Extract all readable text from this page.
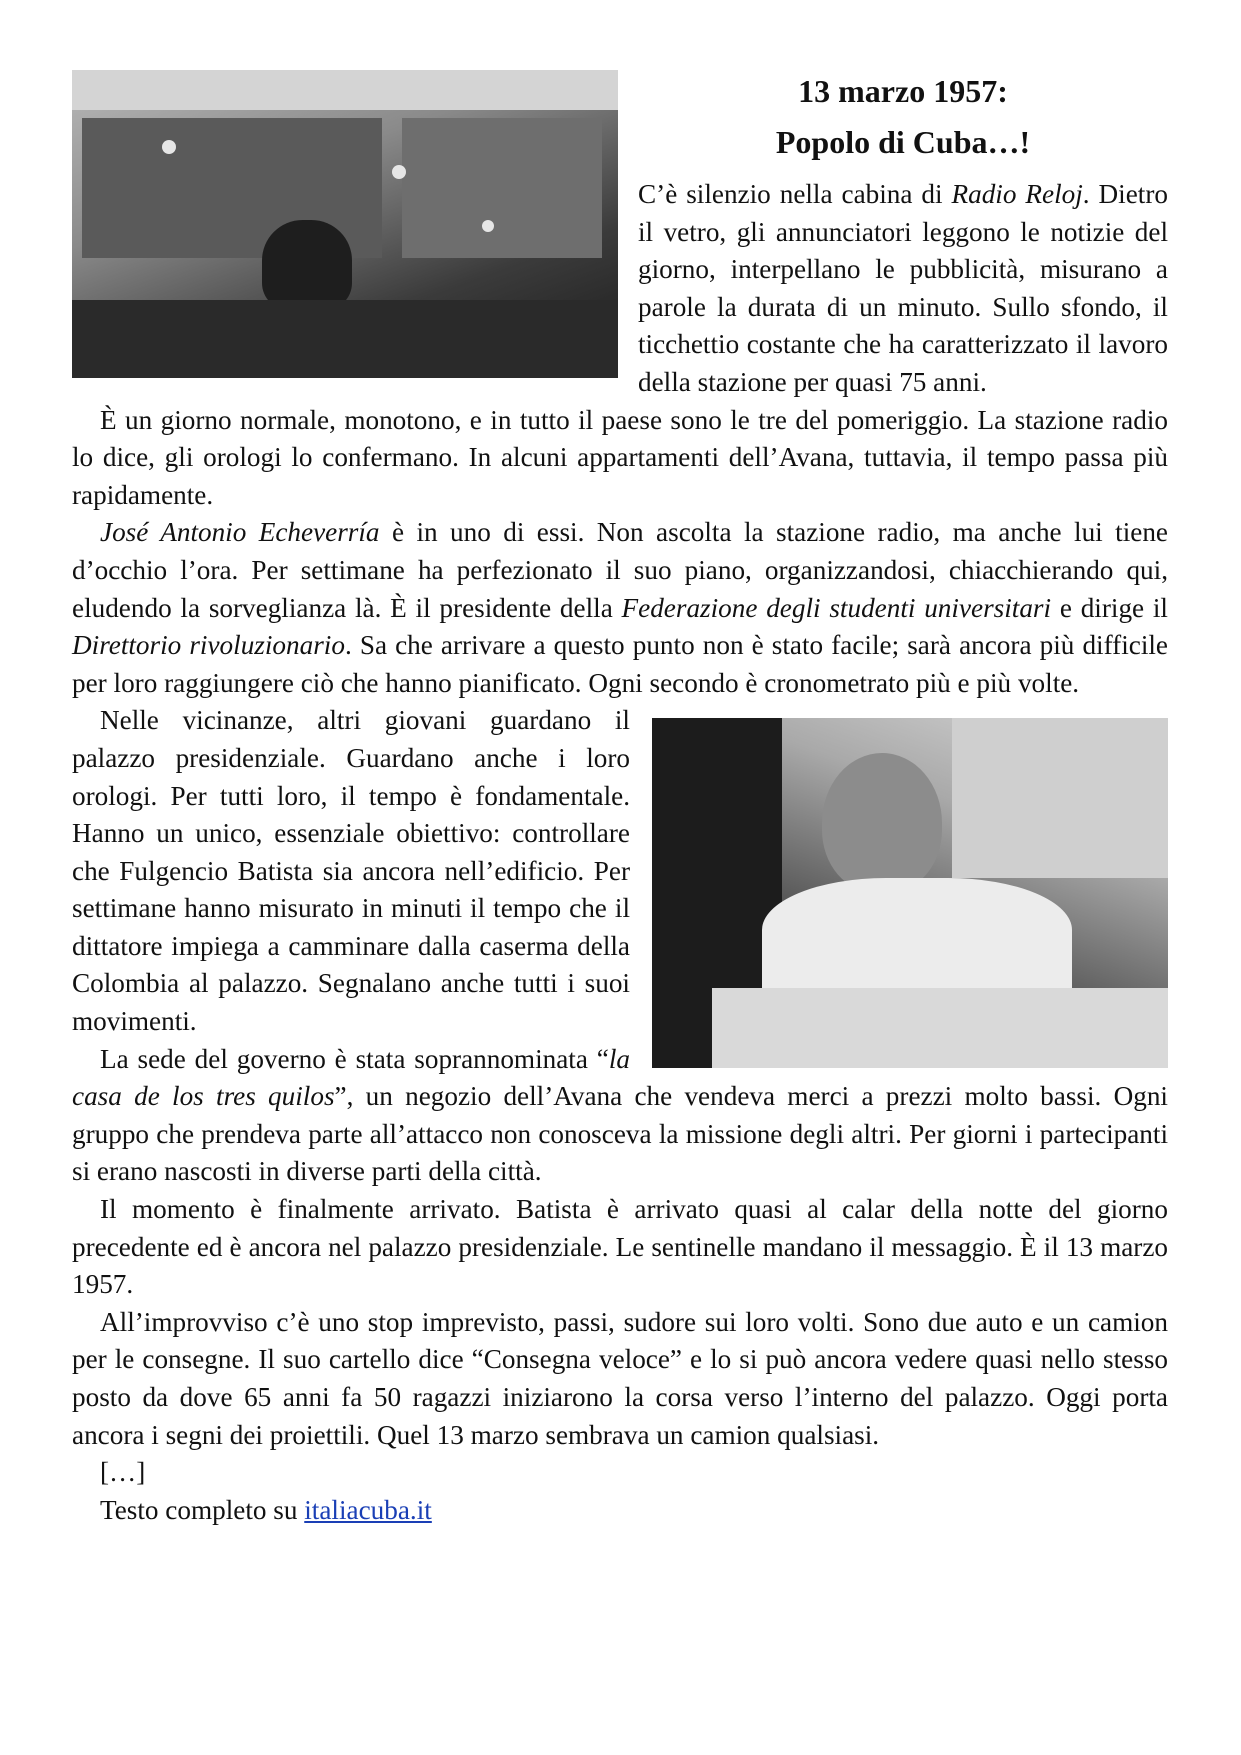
13 marzo 1957:
Popolo di Cuba…!

C’è silenzio nella cabina di Radio Reloj. Dietro il vetro, gli annunciatori leggono le notizie del giorno, interpellano le pubblicità, misurano a parole la durata di un minuto. Sullo sfondo, il ticchettio costante che ha caratterizzato il lavoro della stazione per quasi 75 anni.

È un giorno normale, monotono, e in tutto il paese sono le tre del pomeriggio. La stazione radio lo dice, gli orologi lo confermano. In alcuni appartamenti dell’Avana, tuttavia, il tempo passa più rapidamente.

José Antonio Echeverría è in uno di essi. Non ascolta la stazione radio, ma anche lui tiene d’occhio l’ora. Per settimane ha perfezionato il suo piano, organizzandosi, chiacchierando qui, eludendo la sorveglianza là. È il presidente della Federazione degli studenti universitari e dirige il Direttorio rivoluzionario. Sa che arrivare a questo punto non è stato facile; sarà ancora più difficile per loro raggiungere ciò che hanno pianificato. Ogni secondo è cronometrato più e più volte.

Nelle vicinanze, altri giovani guardano il palazzo presidenziale. Guardano anche i loro orologi. Per tutti loro, il tempo è fondamentale. Hanno un unico, essenziale obiettivo: controllare che Fulgencio Batista sia ancora nell’edificio. Per settimane hanno misurato in minuti il tempo che il dittatore impiega a camminare dalla caserma della Colombia al palazzo. Segnalano anche tutti i suoi movimenti.

La sede del governo è stata soprannominata “la casa de los tres quilos”, un negozio dell’Avana che vendeva merci a prezzi molto bassi. Ogni gruppo che prendeva parte all’attacco non conosceva la missione degli altri. Per giorni i partecipanti si erano nascosti in diverse parti della città.

Il momento è finalmente arrivato. Batista è arrivato quasi al calar della notte del giorno precedente ed è ancora nel palazzo presidenziale. Le sentinelle mandano il messaggio. È il 13 marzo 1957.

All’improvviso c’è uno stop imprevisto, passi, sudore sui loro volti. Sono due auto e un camion per le consegne. Il suo cartello dice “Consegna veloce” e lo si può ancora vedere quasi nello stesso posto da dove 65 anni fa 50 ragazzi iniziarono la corsa verso l’interno del palazzo. Oggi porta ancora i segni dei proiettili. Quel 13 marzo sembrava un camion qualsiasi.

[…]

Testo completo su italiacuba.it
